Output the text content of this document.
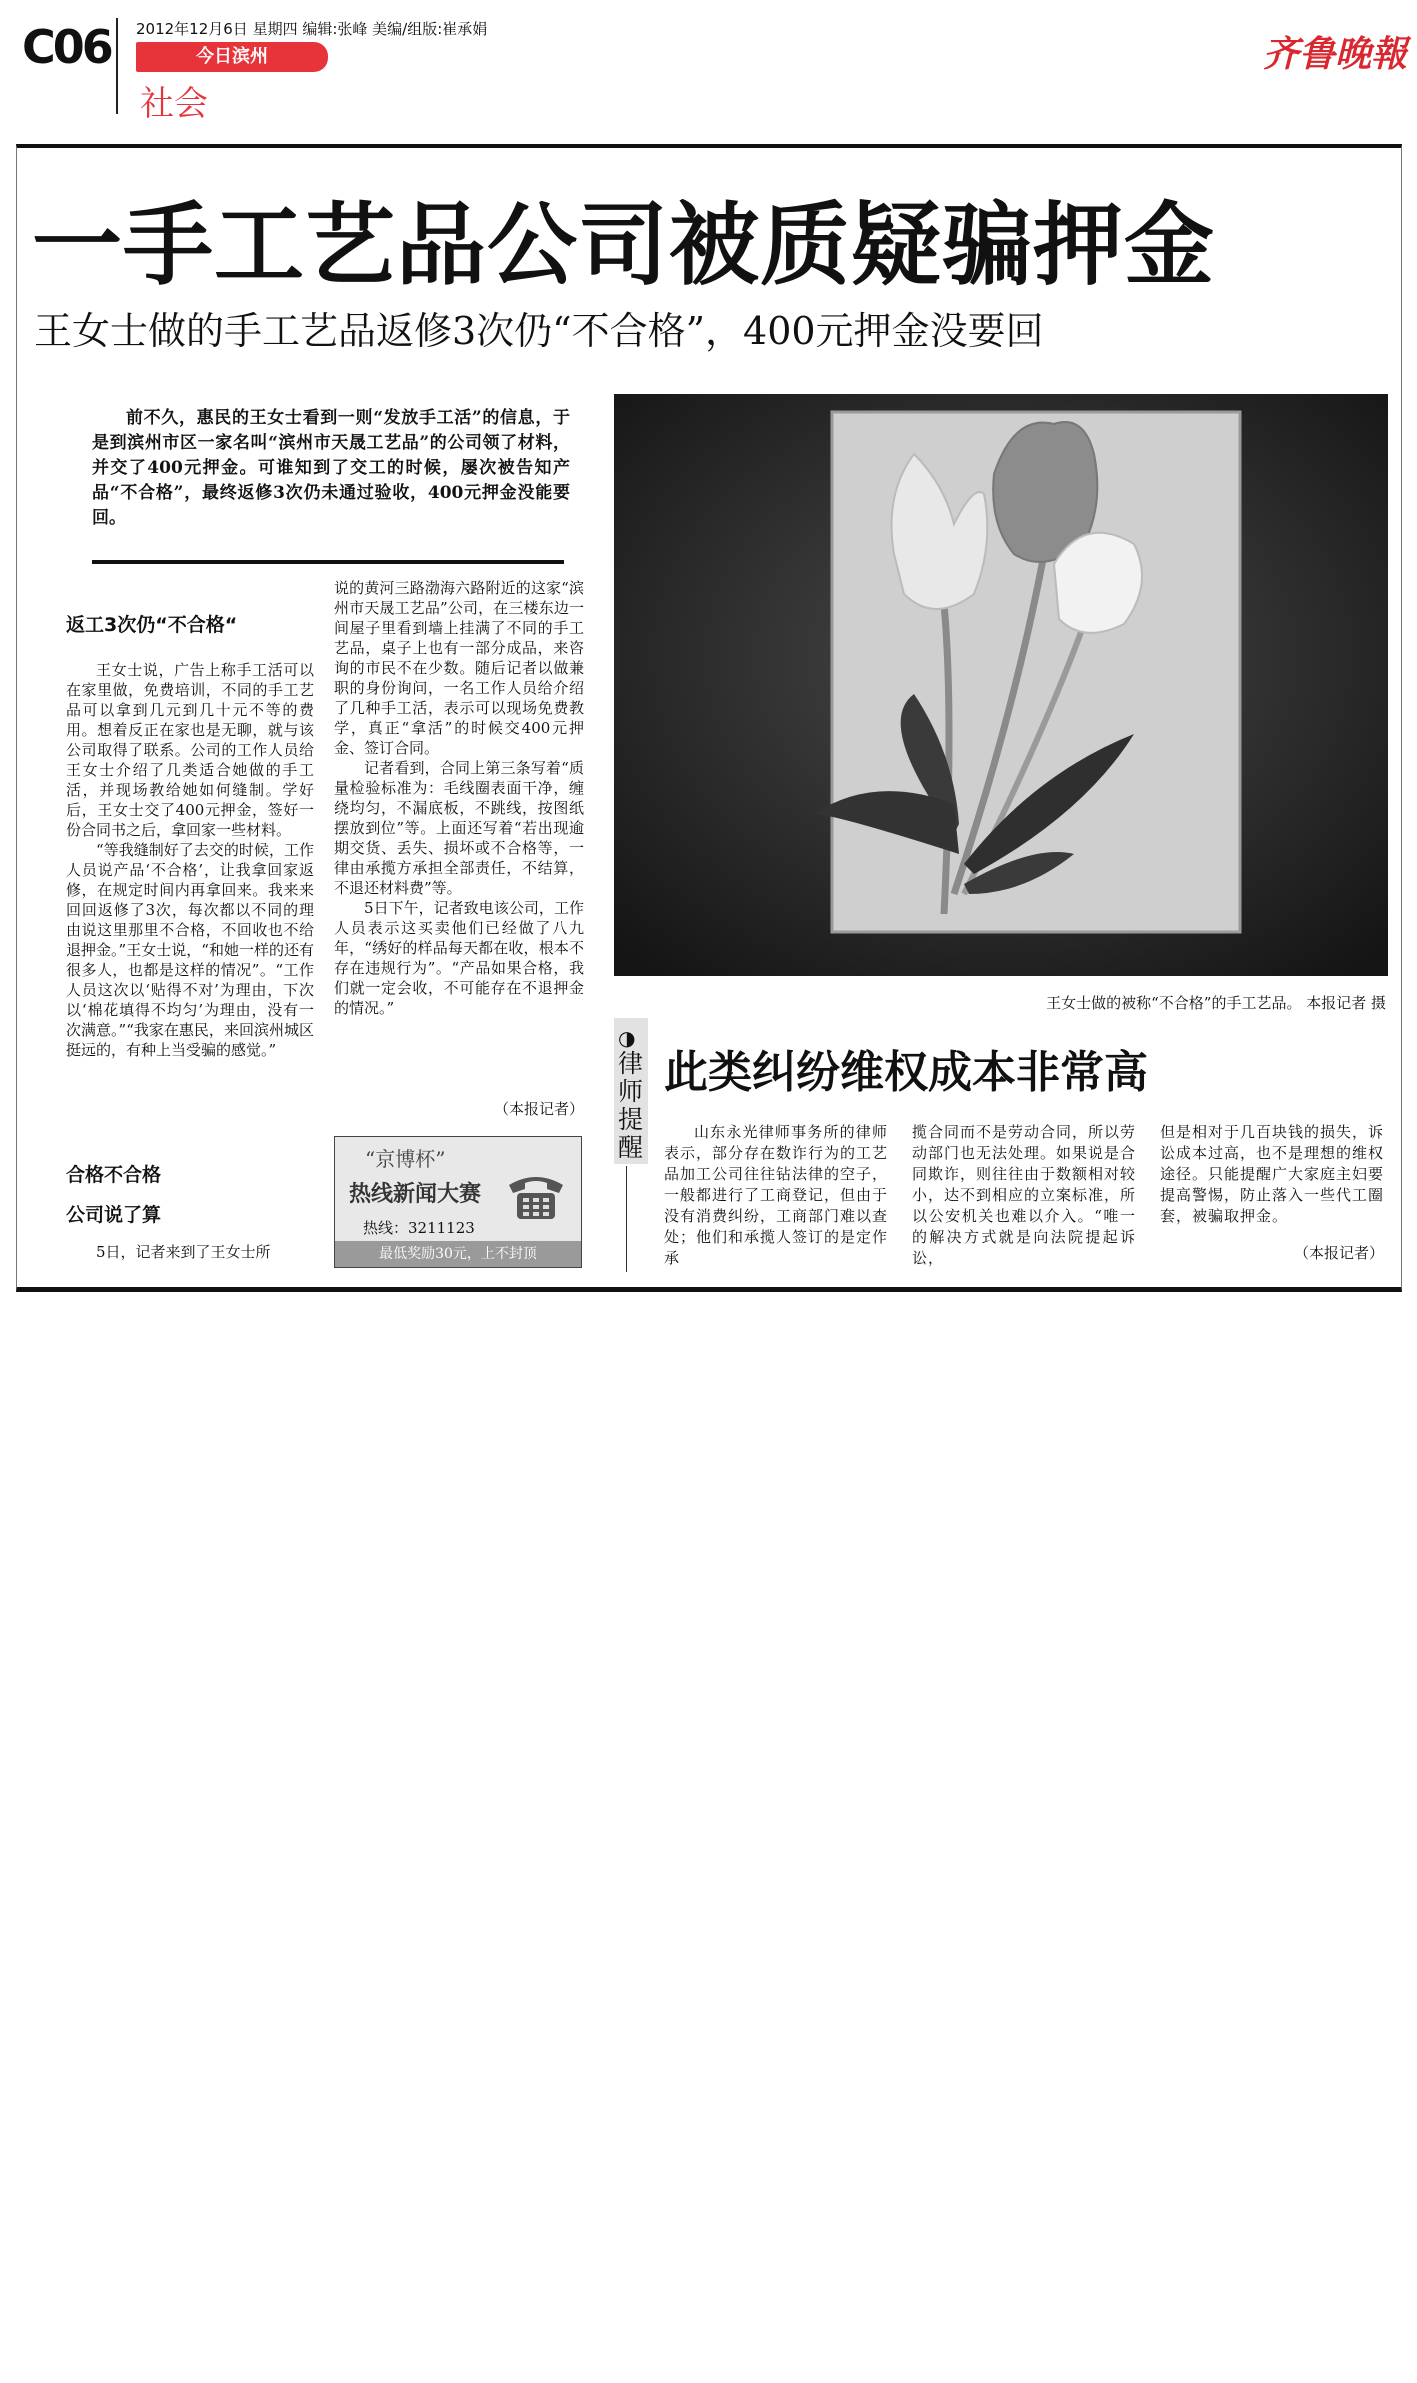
C06 2012年12月6日 星期四 编辑:张峰 美编/组版:崔承娟
今日滨州
社会
齐鲁晚報
一手工艺品公司被质疑骗押金
王女士做的手工艺品返修3次仍“不合格”，400元押金没要回
前不久，惠民的王女士看到一则“发放手工活”的信息，于是到滨州市区一家名叫“滨州市天晟工艺品”的公司领了材料，并交了400元押金。可谁知到了交工的时候，屡次被告知产品“不合格”，最终返修3次仍未通过验收，400元押金没能要回。
返工3次仍“不合格“

王女士说，广告上称手工活可以在家里做，免费培训，不同的手工艺品可以拿到几元到几十元不等的费用。想着反正在家也是无聊，就与该公司取得了联系。公司的工作人员给王女士介绍了几类适合她做的手工活，并现场教给她如何缝制。学好后，王女士交了400元押金，签好一份合同书之后，拿回家一些材料。

“等我缝制好了去交的时候，工作人员说产品‘不合格’，让我拿回家返修，在规定时间内再拿回来。我来来回回返修了3次，每次都以不同的理由说这里那里不合格，不回收也不给退押金。”王女士说，“和她一样的还有很多人，也都是这样的情况”。“工作人员这次以‘贴得不对’为理由，下次以‘棉花填得不均匀’为理由，没有一次满意。”“我家在惠民，来回滨州城区挺远的，有种上当受骗的感觉。”

合格不合格
公司说了算
5日，记者来到了王女士所

说的黄河三路渤海六路附近的这家“滨州市天晟工艺品”公司，在三楼东边一间屋子里看到墙上挂满了不同的手工艺品，桌子上也有一部分成品，来咨询的市民不在少数。随后记者以做兼职的身份询问，一名工作人员给介绍了几种手工活，表示可以现场免费教学，真正“拿活”的时候交400元押金、签订合同。

记者看到，合同上第三条写着“质量检验标准为：毛线圈表面干净，缠绕均匀，不漏底板，不跳线，按图纸摆放到位”等。上面还写着“若出现逾期交货、丢失、损坏或不合格等，一律由承揽方承担全部责任，不结算，不退还材料费”等。

5日下午，记者致电该公司，工作人员表示这买卖他们已经做了八九年，“绣好的样品每天都在收，根本不存在违规行为”。“产品如果合格，我们就一定会收，不可能存在不退押金的情况。”

（本报记者）
“京博杯”
热线新闻大赛
热线：3211123
最低奖励30元，上不封顶
王女士做的被称“不合格”的手工艺品。 本报记者 摄
◑
律师提醒
此类纠纷维权成本非常高
山东永光律师事务所的律师表示，部分存在数诈行为的工艺品加工公司往往钻法律的空子，一般都进行了工商登记，但由于没有消费纠纷，工商部门难以查处；他们和承揽人签订的是定作承
揽合同而不是劳动合同，所以劳动部门也无法处理。如果说是合同欺诈，则往往由于数额相对较小，达不到相应的立案标准，所以公安机关也难以介入。“唯一的解决方式就是向法院提起诉讼，
但是相对于几百块钱的损失，诉讼成本过高，也不是理想的维权途径。只能提醒广大家庭主妇要提高警惕，防止落入一些代工圈套，被骗取押金。
（本报记者）
